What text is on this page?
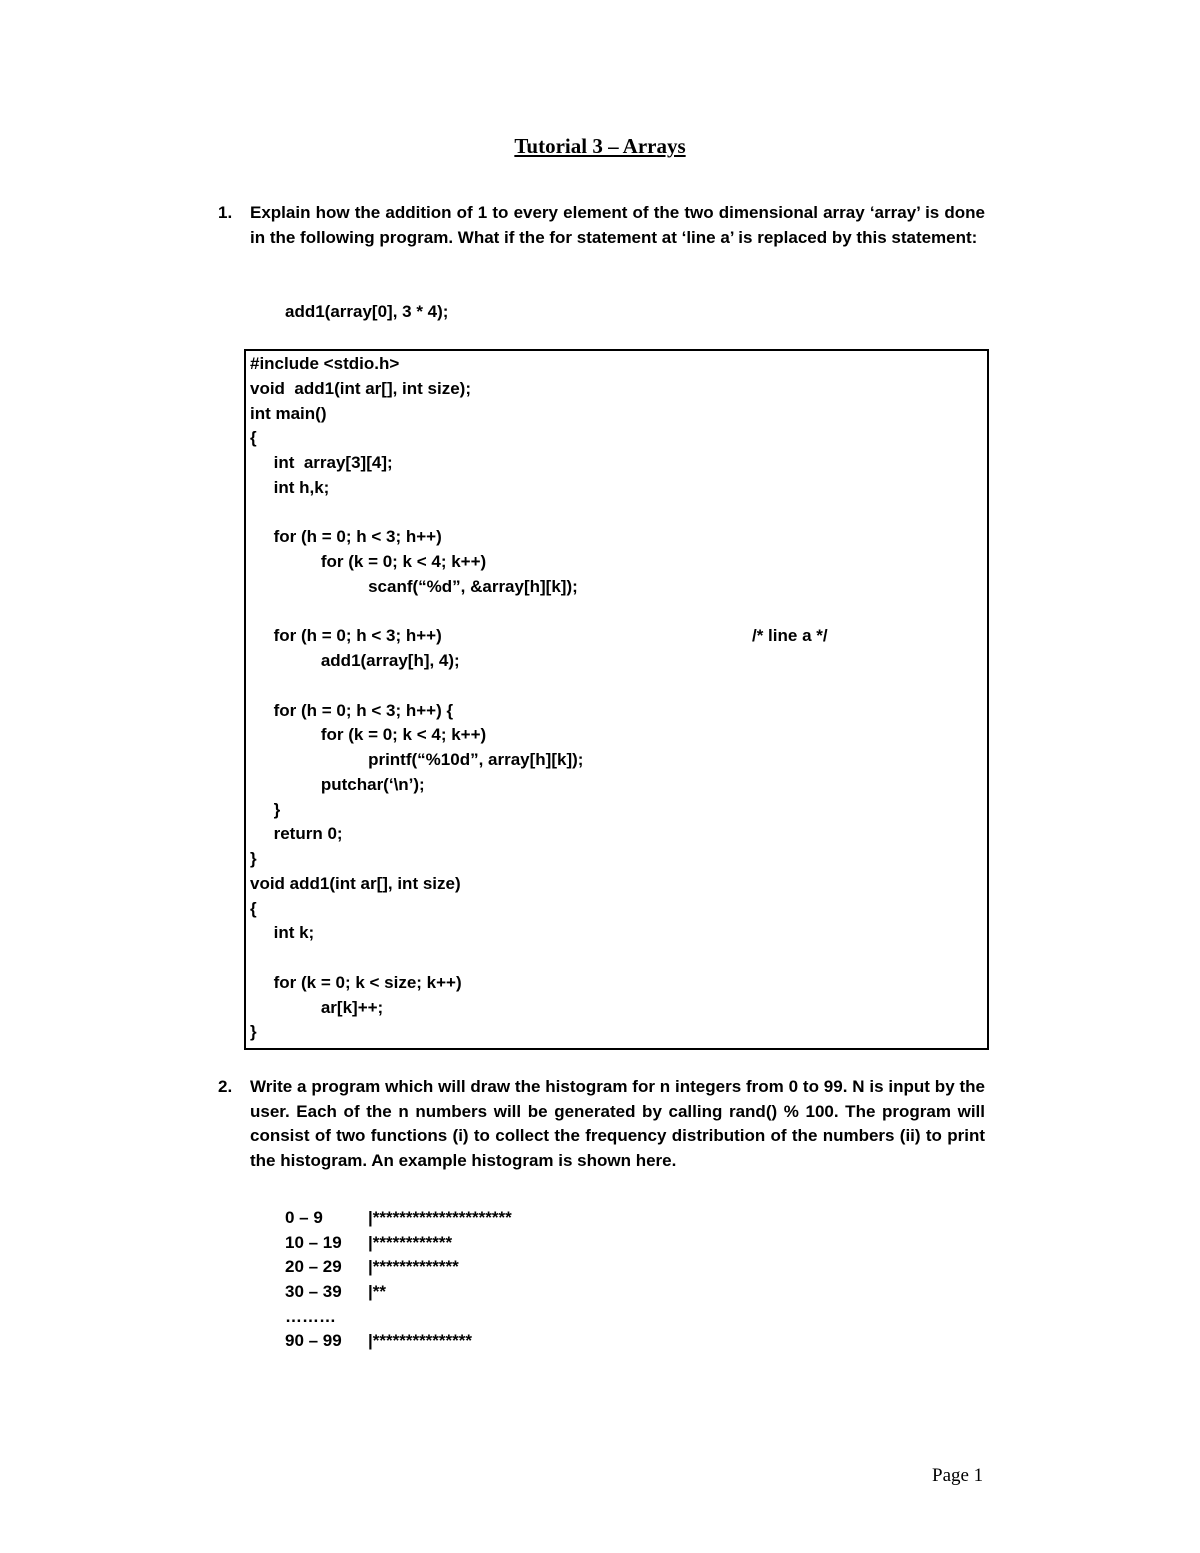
Tutorial 3 – Arrays
1. Explain how the addition of 1 to every element of the two dimensional array ‘array’ is done in the following program. What if the for statement at ‘line a’ is replaced by this statement:
add1(array[0], 3 * 4);
#include <stdio.h>
void  add1(int ar[], int size);
int main()
{
int  array[3][4];
int h,k;
for (h = 0; h < 3; h++)
for (k = 0; k < 4; k++)
scanf(“%d”, &array[h][k]);
for (h = 0; h < 3; h++)	/* line a */
add1(array[h], 4);
for (h = 0; h < 3; h++) {
for (k = 0; k < 4; k++)
printf(“%10d”, array[h][k]);
putchar(‘\n’);
}
return 0;
}
void add1(int ar[], int size)
{
int k;
for (k = 0; k < size; k++)
ar[k]++;
}
2. Write a program which will draw the histogram for n integers from 0 to 99. N is input by the user. Each of the n numbers will be generated by calling rand() % 100. The program will consist of two functions (i) to collect the frequency distribution of the numbers (ii) to print the histogram. An example histogram is shown here.
0 – 9	|*********************
10 – 19 |************
20 – 29 |*************
30 – 39 |**
………
90 – 99 |***************
Page 1
